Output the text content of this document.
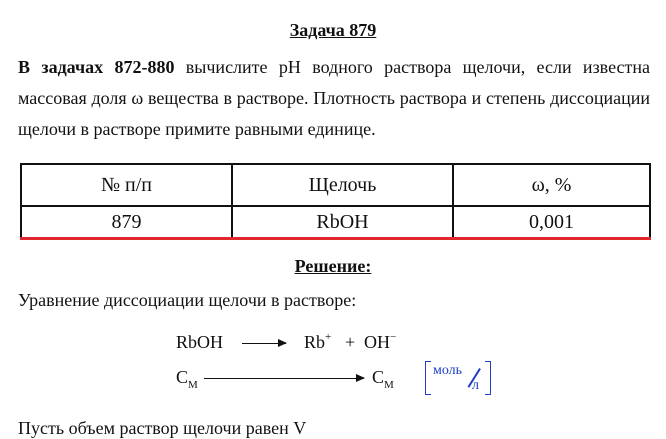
Задача 879
В задачах 872-880 вычислите pH водного раствора щелочи, если известна массовая доля ω вещества в растворе. Плотность раствора и степень диссоциации щелочи в растворе примите равными единице.
№ п/п	Щелочь	ω, %
879	RbOH	0,001
Решение:
Уравнение диссоциации щелочи в растворе:
RbOH → Rb+ + OH−
$C_М$	$C_М$
моль
л
Пусть объем раствор щелочи равен V
